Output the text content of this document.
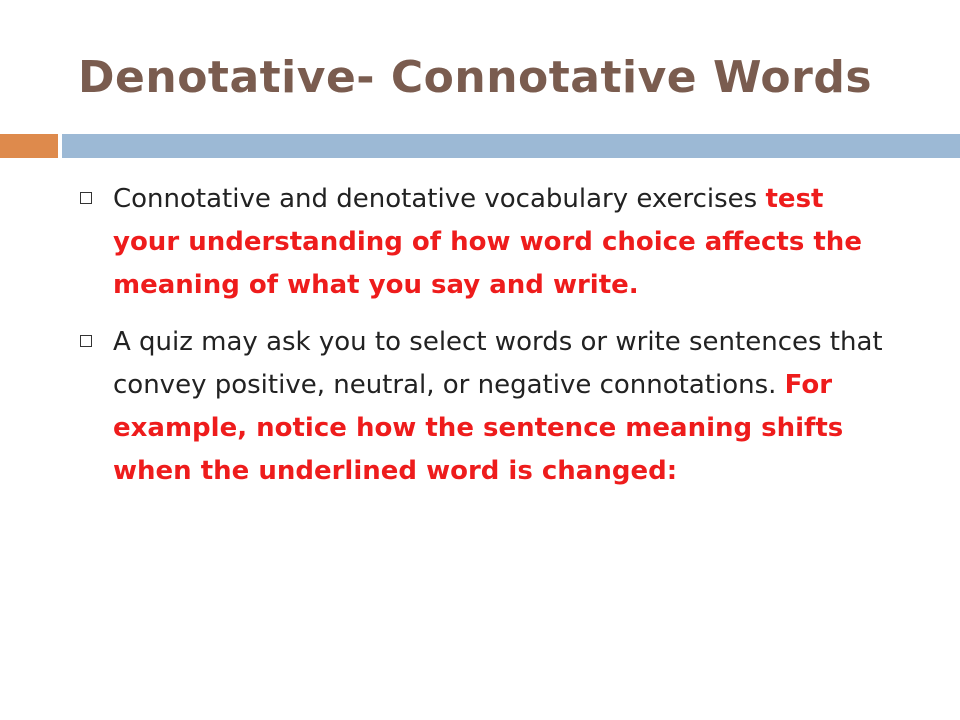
Denotative- Connotative Words
Connotative and denotative vocabulary exercises test your understanding of how word choice affects the meaning of what you say and write.
A quiz may ask you to select words or write sentences that convey positive, neutral, or negative connotations. For example, notice how the sentence meaning shifts when the underlined word is changed:
